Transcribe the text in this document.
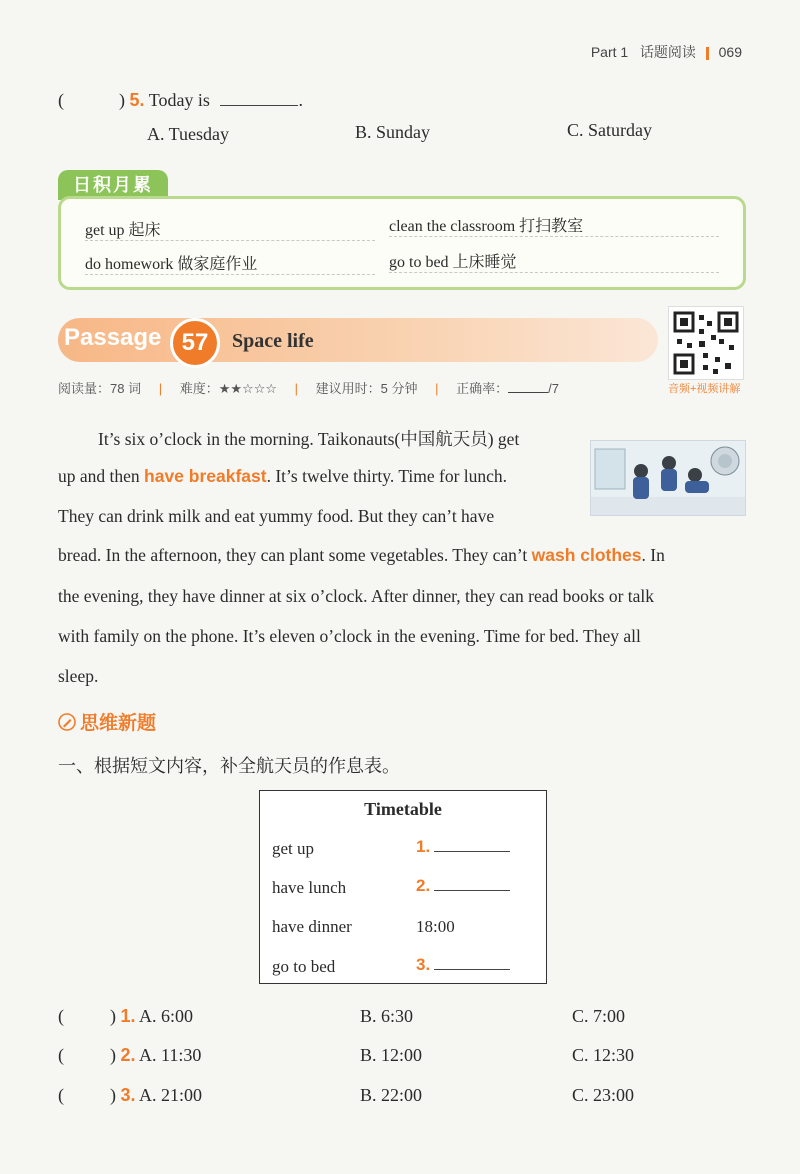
Part 1 话题阅读 069
(	) 5. Today is	.
A. Tuesday	B. Sunday	C. Saturday
日积月累
get up 起床	clean the classroom 打扫教室
do homework 做家庭作业	go to bed 上床睡觉
Passage 57	Space life
音频+视频讲解
阅读量：78 词 | 难度：★★☆☆☆ | 建议用时：5 分钟 | 正确率：	/7
It’s six o’clock in the morning. Taikonauts(中国航天员) get
up and then have breakfast. It’s twelve thirty. Time for lunch.
They can drink milk and eat yummy food. But they can’t have
bread. In the afternoon, they can plant some vegetables. They can’t wash clothes. In
the evening, they have dinner at six o’clock. After dinner, they can read books or talk
with family on the phone. It’s eleven o’clock in the evening. Time for bed. They all
sleep.
思维新题
一、根据短文内容，补全航天员的作息表。
Timetable
get up	1.
have lunch	2.
have dinner	18:00
go to bed	3.
(	) 1. A. 6:00	B. 6:30	C. 7:00
(	) 2. A. 11:30	B. 12:00	C. 12:30
(	) 3. A. 21:00	B. 22:00	C. 23:00
